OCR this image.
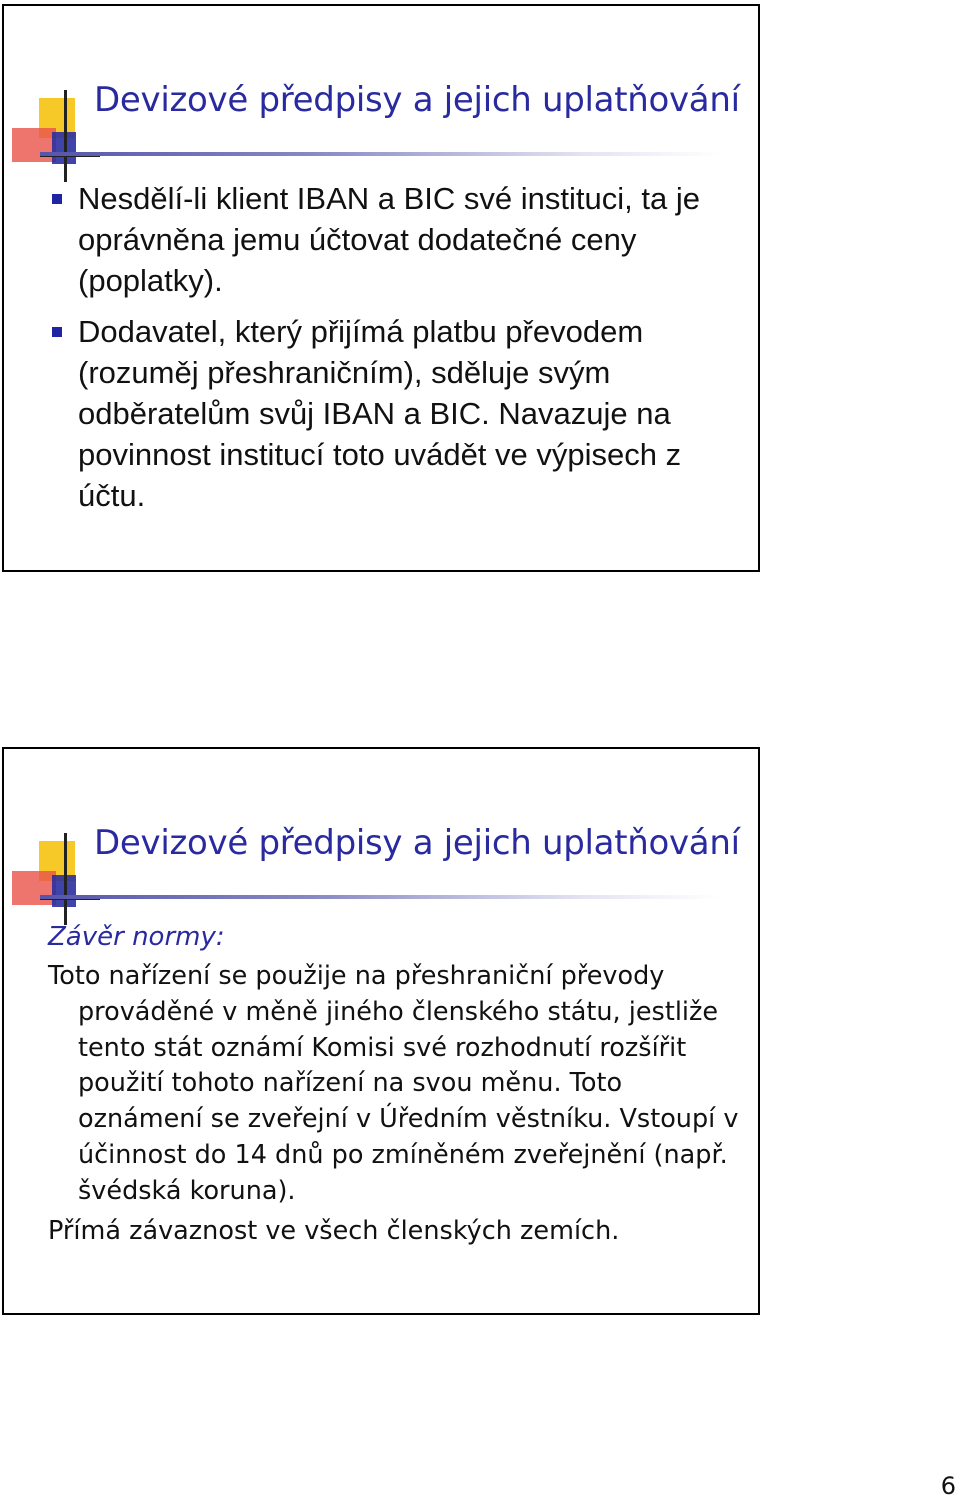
Devizové předpisy a jejich uplatňování
Nesdělí-li klient IBAN a BIC své instituci, ta je oprávněna jemu účtovat dodatečné ceny (poplatky).
Dodavatel, který přijímá platbu převodem (rozuměj přeshraničním), sděluje svým odběratelům svůj IBAN a BIC. Navazuje na povinnost institucí toto uvádět ve výpisech z účtu.
Devizové předpisy a jejich uplatňování

Závěr normy:

Toto nařízení se použije na přeshraniční převody prováděné v měně jiného členského státu, jestliže tento stát oznámí Komisi své rozhodnutí rozšířit použití tohoto nařízení na svou měnu. Toto oznámení se zveřejní v Úředním věstníku. Vstoupí v účinnost do 14 dnů po zmíněném zveřejnění (např. švédská koruna).

Přímá závaznost ve všech členských zemích.

6
